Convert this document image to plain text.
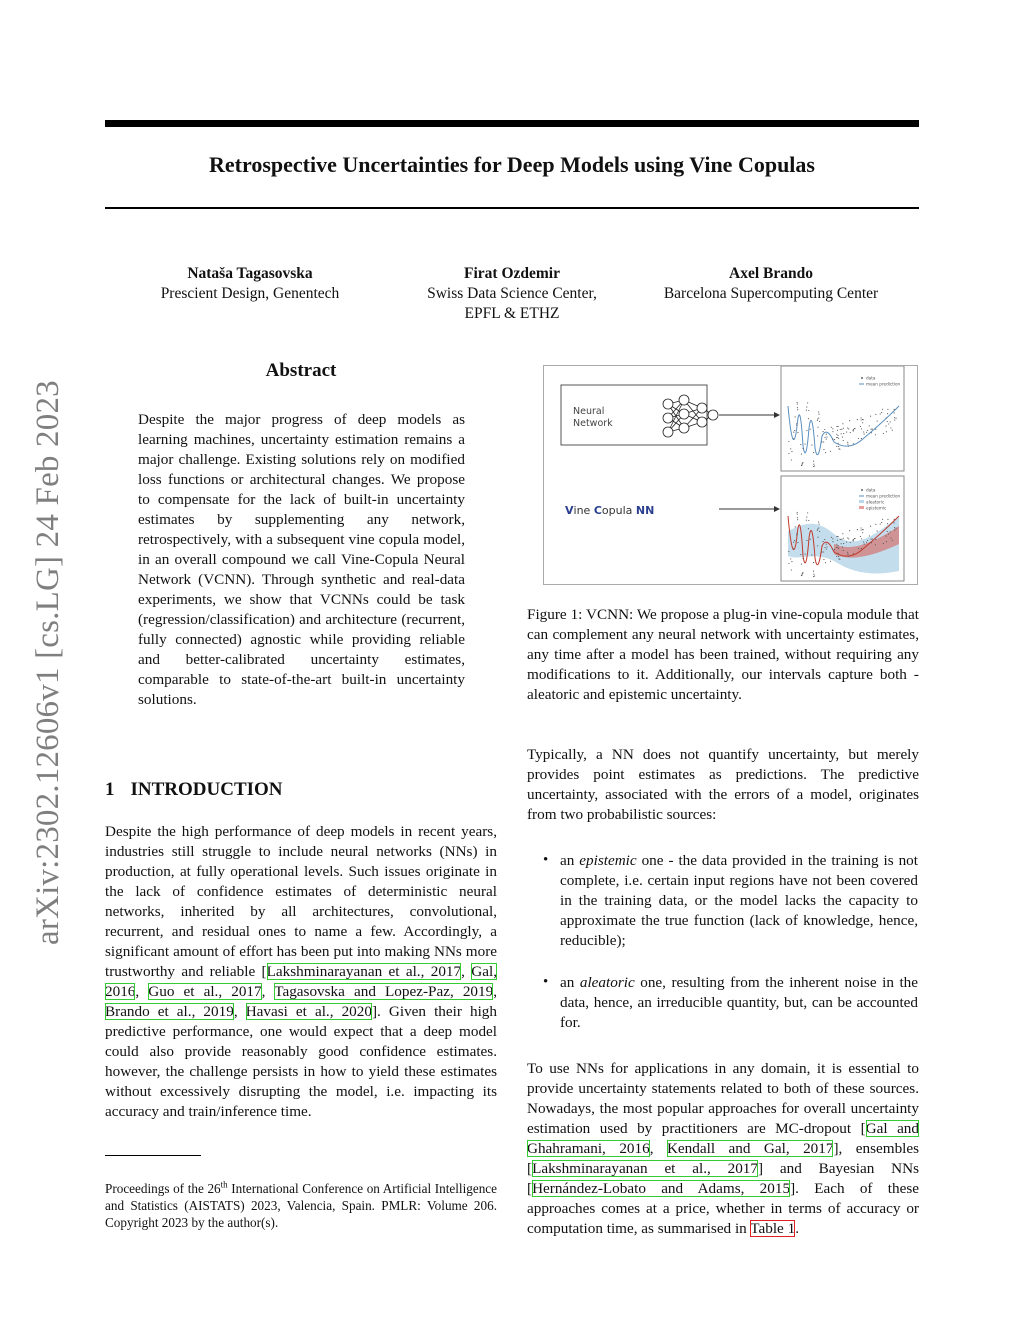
Retrospective Uncertainties for Deep Models using Vine Copulas
Nataša Tagasovska
Prescient Design, Genentech
Firat Ozdemir
Swiss Data Science Center,
EPFL & ETHZ
Axel Brando
Barcelona Supercomputing Center
arXiv:2302.12606v1 [cs.LG] 24 Feb 2023
Abstract
Despite the major progress of deep models as learning machines, uncertainty estimation remains a major challenge. Existing solutions rely on modified loss functions or architectural changes. We propose to compensate for the lack of built-in uncertainty estimates by supplementing any network, retrospectively, with a subsequent vine copula model, in an overall compound we call Vine-Copula Neural Network (VCNN). Through synthetic and real-data experiments, we show that VCNNs could be task (regression/classification) and architecture (recurrent, fully connected) agnostic while providing reliable and better-calibrated uncertainty estimates, comparable to state-of-the-art built-in uncertainty solutions.
1 INTRODUCTION
Despite the high performance of deep models in recent years, industries still struggle to include neural networks (NNs) in production, at fully operational levels. Such issues originate in the lack of confidence estimates of deterministic neural networks, inherited by all architectures, convolutional, recurrent, and residual ones to name a few. Accordingly, a significant amount of effort has been put into making NNs more trustworthy and reliable [Lakshminarayanan et al., 2017, Gal, 2016, Guo et al., 2017, Tagasovska and Lopez-Paz, 2019, Brando et al., 2019, Havasi et al., 2020]. Given their high predictive performance, one would expect that a deep model could also provide reasonably good confidence estimates. however, the challenge persists in how to yield these estimates without excessively disrupting the model, i.e. impacting its accuracy and train/inference time.
Proceedings of the 26th International Conference on Artificial Intelligence and Statistics (AISTATS) 2023, Valencia, Spain. PMLR: Volume 206. Copyright 2023 by the author(s).
Neural
Network
Vine Copula NN
data
mean prediction
data
mean prediction
aleatoric
epistemic
Figure 1: VCNN: We propose a plug-in vine-copula module that can complement any neural network with uncertainty estimates, any time after a model has been trained, without requiring any modifications to it. Additionally, our intervals capture both - aleatoric and epistemic uncertainty.
Typically, a NN does not quantify uncertainty, but merely provides point estimates as predictions. The predictive uncertainty, associated with the errors of a model, originates from two probabilistic sources:
• an epistemic one - the data provided in the training is not complete, i.e. certain input regions have not been covered in the training data, or the model lacks the capacity to approximate the true function (lack of knowledge, hence, reducible);
• an aleatoric one, resulting from the inherent noise in the data, hence, an irreducible quantity, but, can be accounted for.
To use NNs for applications in any domain, it is essential to provide uncertainty statements related to both of these sources. Nowadays, the most popular approaches for overall uncertainty estimation used by practitioners are MC-dropout [Gal and Ghahramani, 2016, Kendall and Gal, 2017], ensembles [Lakshminarayanan et al., 2017] and Bayesian NNs [Hernández-Lobato and Adams, 2015]. Each of these approaches comes at a price, whether in terms of accuracy or computation time, as summarised in Table 1.
